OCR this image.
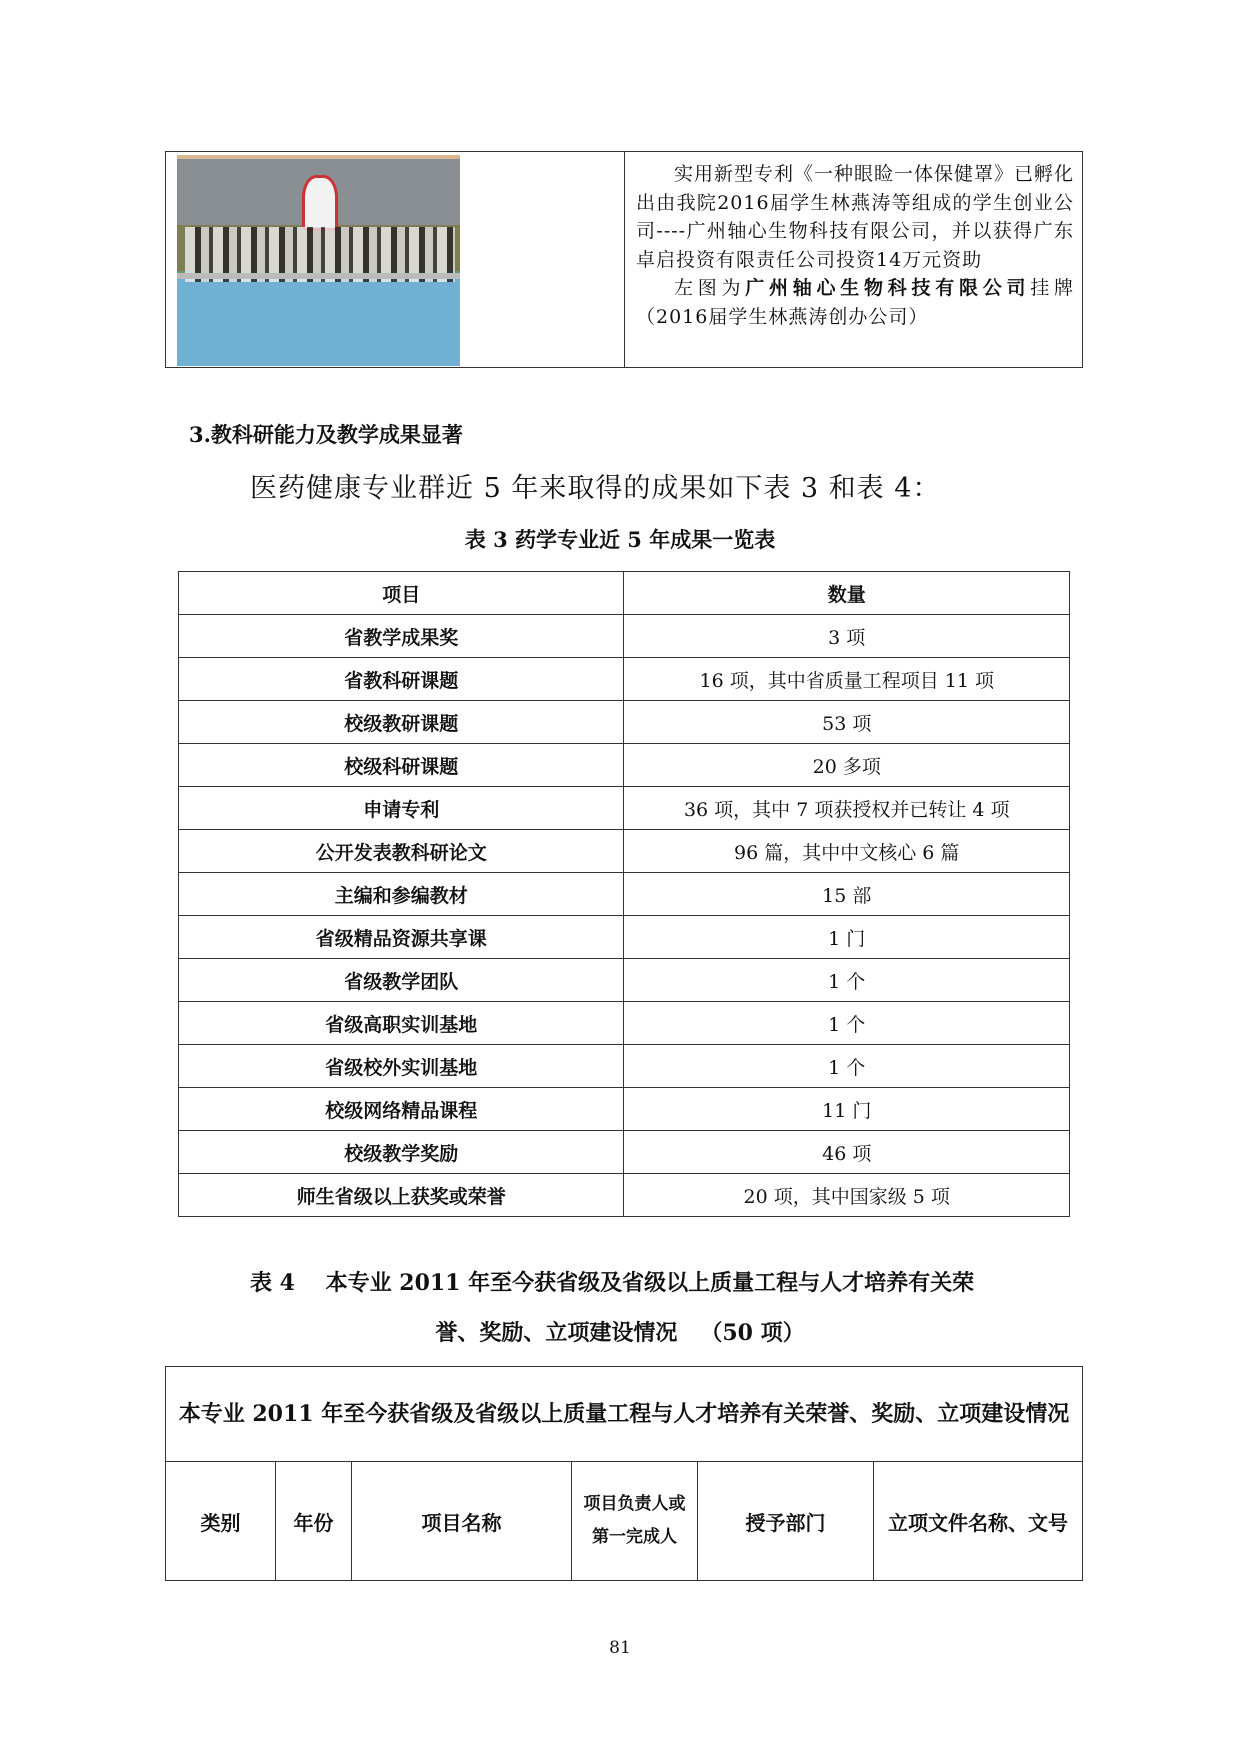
实用新型专利《一种眼睑一体保健罩》已孵化出由我院2016届学生林燕涛等组成的学生创业公司----广州轴心生物科技有限公司，并以获得广东卓启投资有限责任公司投资14万元资助

左图为广州轴心生物科技有限公司挂牌（2016届学生林燕涛创办公司）

3.教科研能力及教学成果显著
医药健康专业群近 5 年来取得的成果如下表 3 和表 4：
表 3 药学专业近 5 年成果一览表
项目	数量
省教学成果奖	3 项
省教科研课题	16 项，其中省质量工程项目 11 项
校级教研课题	53 项
校级科研课题	20 多项
申请专利	36 项，其中 7 项获授权并已转让 4 项
公开发表教科研论文	96 篇，其中中文核心 6 篇
主编和参编教材	15 部
省级精品资源共享课	1 门
省级教学团队	1 个
省级高职实训基地	1 个
省级校外实训基地	1 个
校级网络精品课程	11 门
校级教学奖励	46 项
师生省级以上获奖或荣誉	20 项，其中国家级 5 项
表 4    本专业 2011 年至今获省级及省级以上质量工程与人才培养有关荣
誉、奖励、立项建设情况   （50 项）
本专业 2011 年至今获省级及省级以上质量工程与人才培养有关荣誉、奖励、立项建设情况
类别	年份	项目名称	项目负责人或第一完成人	授予部门	立项文件名称、文号
81
